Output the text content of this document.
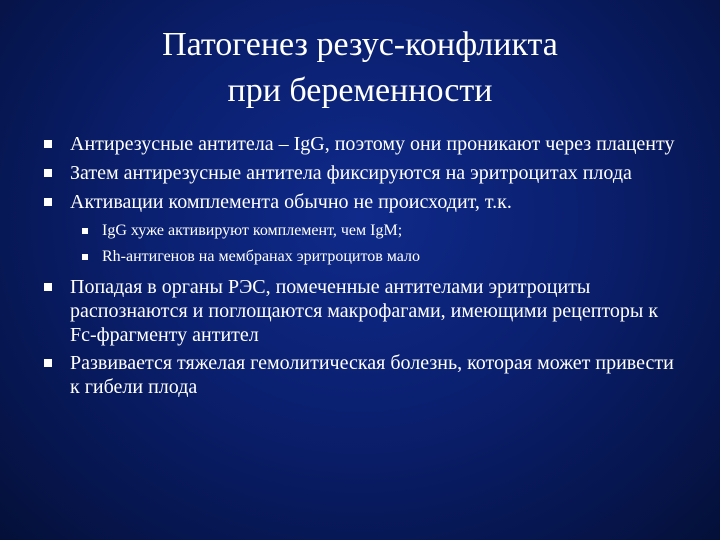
Патогенез резус-конфликта
при беременности

Антирезусные антитела – IgG, поэтому они проникают через плаценту

Затем антирезусные антитела фиксируются на эритроцитах плода

Активации комплемента обычно не происходит, т.к.

IgG хуже активируют комплемент, чем IgM;

Rh-антигенов на мембранах эритроцитов мало

Попадая в органы РЭС, помеченные антителами эритроциты распознаются и поглощаются макрофагами, имеющими рецепторы к Fc-фрагменту антител

Развивается тяжелая гемолитическая болезнь, которая может привести к гибели плода
